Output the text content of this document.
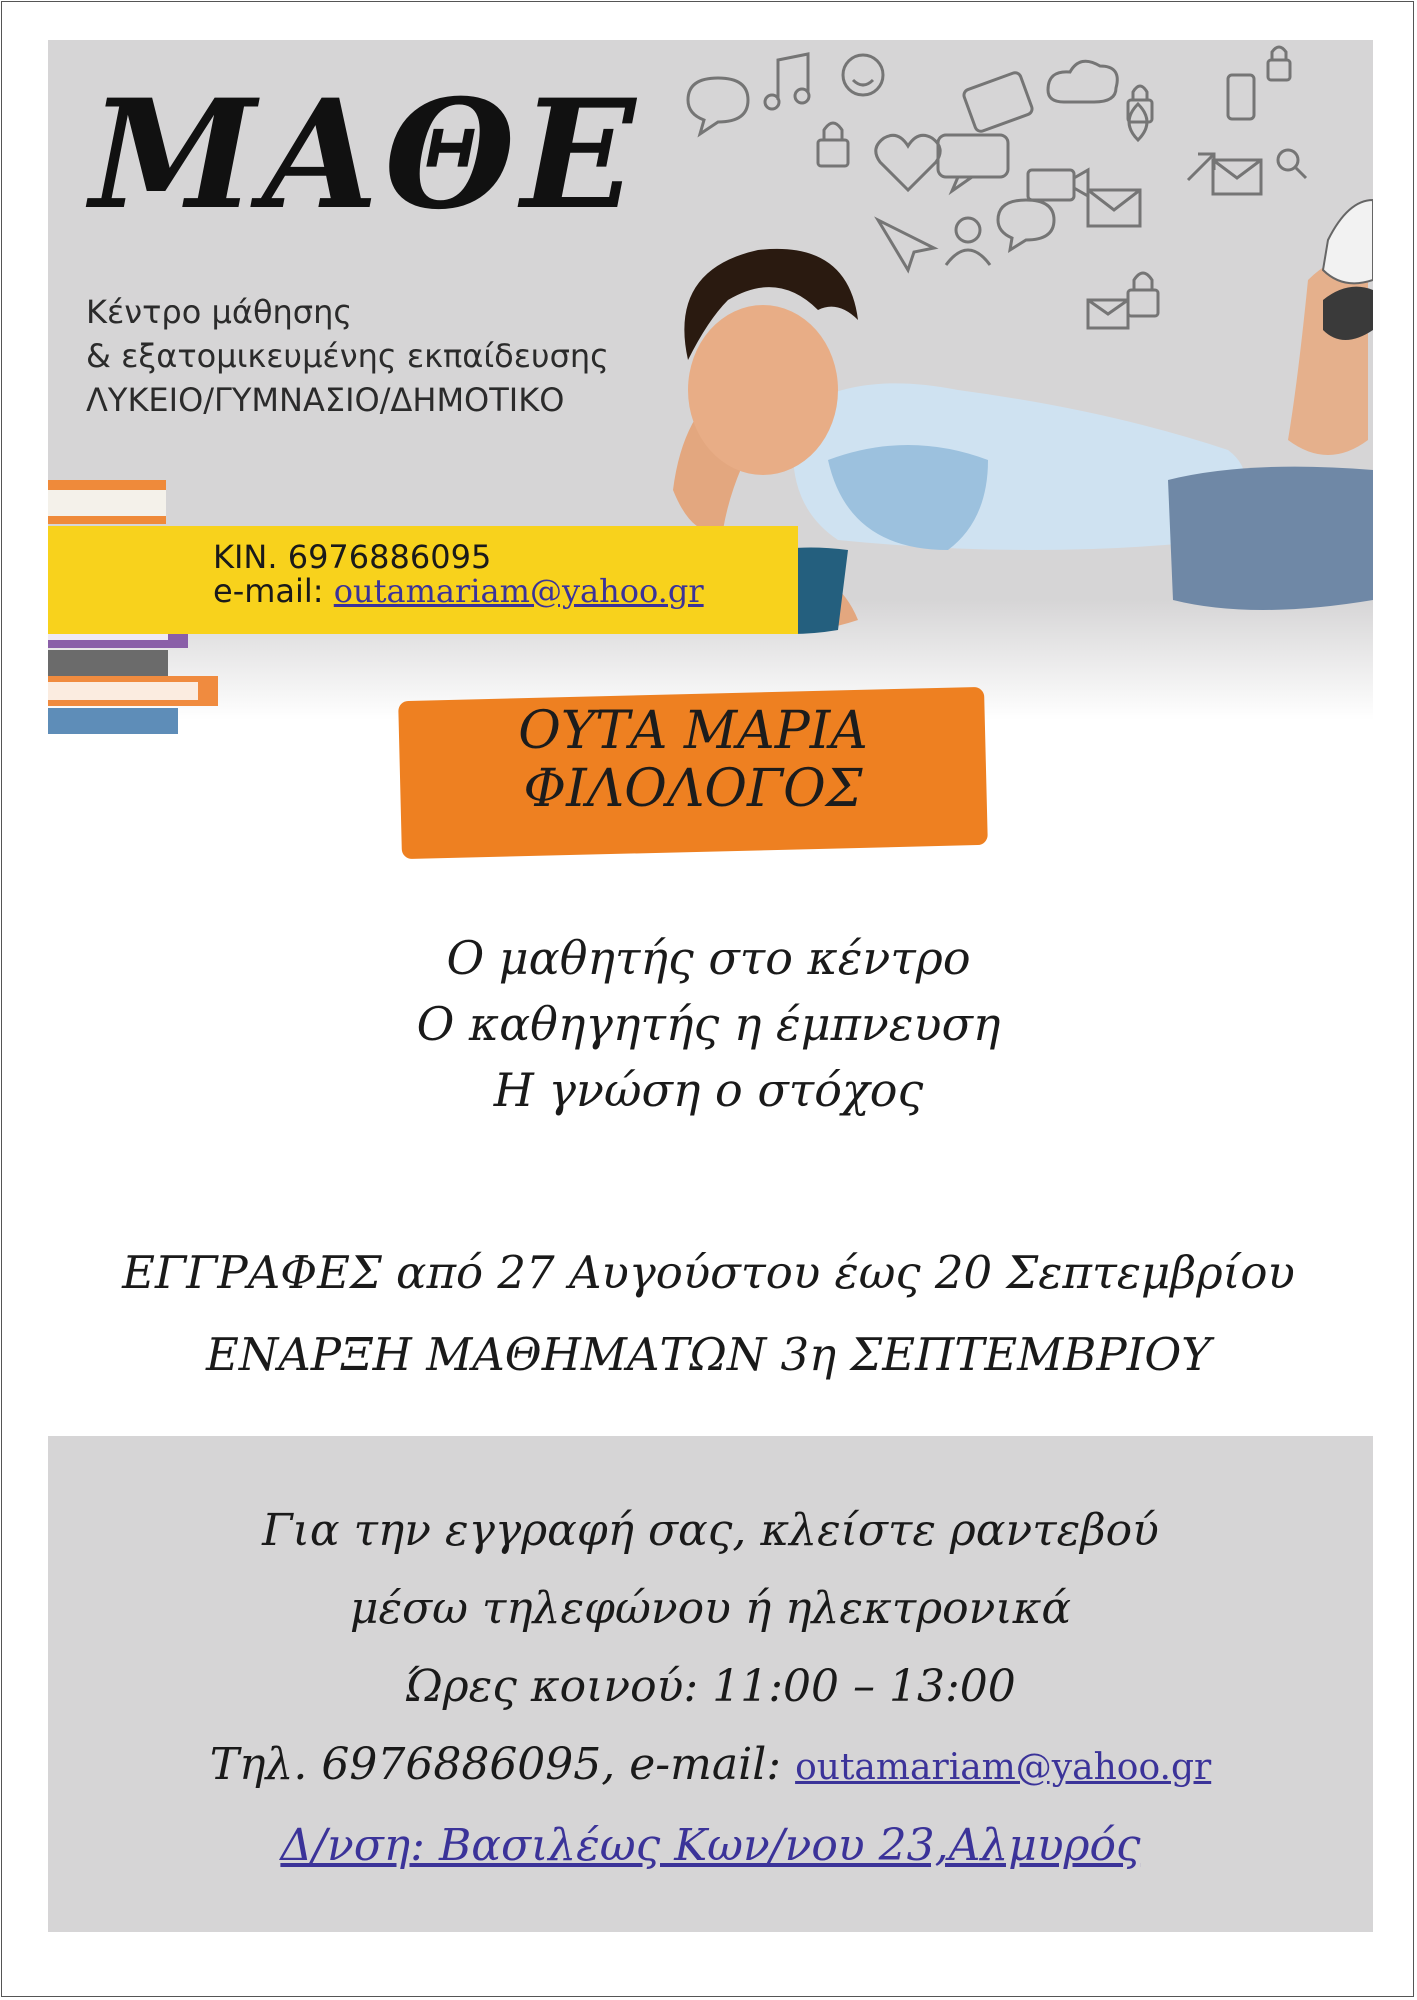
ΜΑΘΕ
Κέντρο μάθησης
& εξατομικευμένης εκπαίδευσης
ΛΥΚΕΙΟ/ΓΥΜΝΑΣΙΟ/ΔΗΜΟΤΙΚΟ
ΚΙΝ. 6976886095
e-mail: outamariam@yahoo.gr
ΟΥΤΑ ΜΑΡΙΑ
ΦΙΛΟΛΟΓΟΣ
Ο μαθητής στο κέντρο
Ο καθηγητής η έμπνευση
Η γνώση ο στόχος
ΕΓΓΡΑΦΕΣ από 27 Αυγούστου έως 20 Σεπτεμβρίου
ΕΝΑΡΞΗ ΜΑΘΗΜΑΤΩΝ 3η ΣΕΠΤΕΜΒΡΙΟΥ
Για την εγγραφή σας, κλείστε ραντεβού
μέσω τηλεφώνου ή ηλεκτρονικά
Ώρες κοινού: 11:00 – 13:00
Τηλ. 6976886095, e-mail: outamariam@yahoo.gr
Δ/νση: Βασιλέως Κων/νου 23,Αλμυρός
